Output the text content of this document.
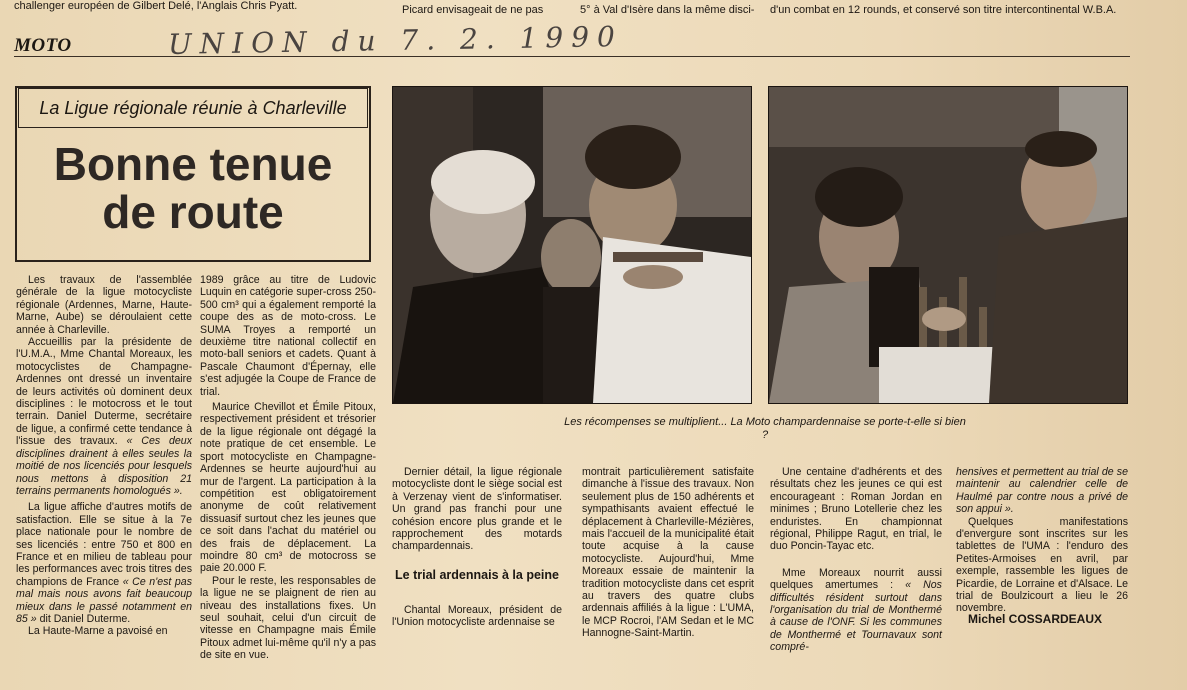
challenger européen de Gilbert Delé, l'Anglais Chris Pyatt.	Picard envisageait de ne pas	5° à Val d'Isère dans la même disci-	d'un combat en 12 rounds, et conservé son titre intercontinental W.B.A.
MOTO	UNION du 7. 2. 1990
La Ligue régionale réunie à Charleville
Bonne tenue
de route
Les récompenses se multiplient... La Moto champardennaise se porte-t-elle si bien ?

Les travaux de l'assemblée générale de la ligue motocycliste régionale (Ardennes, Marne, Haute-Marne, Aube) se déroulaient cette année à Charleville.

Accueillis par la présidente de l'U.M.A., Mme Chantal Moreaux, les motocyclistes de Champagne-Ardennes ont dressé un inventaire de leurs activités où dominent deux disciplines : le motocross et le tout terrain. Daniel Duterme, secrétaire de ligue, a confirmé cette tendance à l'issue des travaux. « Ces deux disciplines drainent à elles seules la moitié de nos licenciés pour lesquels nous mettons à disposition 21 terrains permanents homologués ».

La ligue affiche d'autres motifs de satisfaction. Elle se situe à la 7e place nationale pour le nombre de ses licenciés : entre 750 et 800 en France et en milieu de tableau pour les performances avec trois titres des champions de France « Ce n'est pas mal mais nous avons fait beaucoup mieux dans le passé notamment en 85 » dit Daniel Duterme.

La Haute-Marne a pavoisé en

1989 grâce au titre de Ludovic Luquin en catégorie super-cross 250-500 cm³ qui a également remporté la coupe des as de moto-cross. Le SUMA Troyes a remporté un deuxième titre national collectif en moto-ball seniors et cadets. Quant à Pascale Chaumont d'Épernay, elle s'est adjugée la Coupe de France de trial.

Maurice Chevillot et Émile Pitoux, respectivement président et trésorier de la ligue régionale ont dégagé la note pratique de cet ensemble. Le sport motocycliste en Champagne-Ardennes se heurte aujourd'hui au mur de l'argent. La participation à la compétition est obligatoirement anonyme de coût relativement dissuasif surtout chez les jeunes que ce soit dans l'achat du matériel ou des frais de déplacement. La moindre 80 cm³ de motocross se paie 20.000 F.

Pour le reste, les responsables de la ligue ne se plaignent de rien au niveau des installations fixes. Un seul souhait, celui d'un circuit de vitesse en Champagne mais Émile Pitoux admet lui-même qu'il n'y a pas de site en vue.

Dernier détail, la ligue régionale motocycliste dont le siège social est à Verzenay vient de s'informatiser. Un grand pas franchi pour une cohésion encore plus grande et le rapprochement des motards champardennais.

Le trial ardennais à la peine

Chantal Moreaux, président de l'Union motocycliste ardennaise se

montrait particulièrement satisfaite dimanche à l'issue des travaux. Non seulement plus de 150 adhérents et sympathisants avaient effectué le déplacement à Charleville-Mézières, mais l'accueil de la municipalité était toute acquise à la cause motocycliste. Aujourd'hui, Mme Moreaux essaie de maintenir la tradition motocycliste dans cet esprit au travers des quatre clubs ardennais affiliés à la ligue : L'UMA, le MCP Rocroi, l'AM Sedan et le MC Hannogne-Saint-Martin.

Une centaine d'adhérents et des résultats chez les jeunes ce qui est encourageant : Roman Jordan en minimes ; Bruno Lotellerie chez les enduristes. En championnat régional, Philippe Ragut, en trial, le duo Poncin-Tayac etc.

Mme Moreaux nourrit aussi quelques amertumes : « Nos difficultés résident surtout dans l'organisation du trial de Monthermé à cause de l'ONF. Si les communes de Monthermé et Tournavaux sont compré-

hensives et permettent au trial de se maintenir au calendrier celle de Haulmé par contre nous a privé de son appui ».

Quelques manifestations d'envergure sont inscrites sur les tablettes de l'UMA : l'enduro des Petites-Armoises en avril, par exemple, rassemble les ligues de Picardie, de Lorraine et d'Alsace. Le trial de Boulzicourt a lieu le 26 novembre.

Michel COSSARDEAUX
